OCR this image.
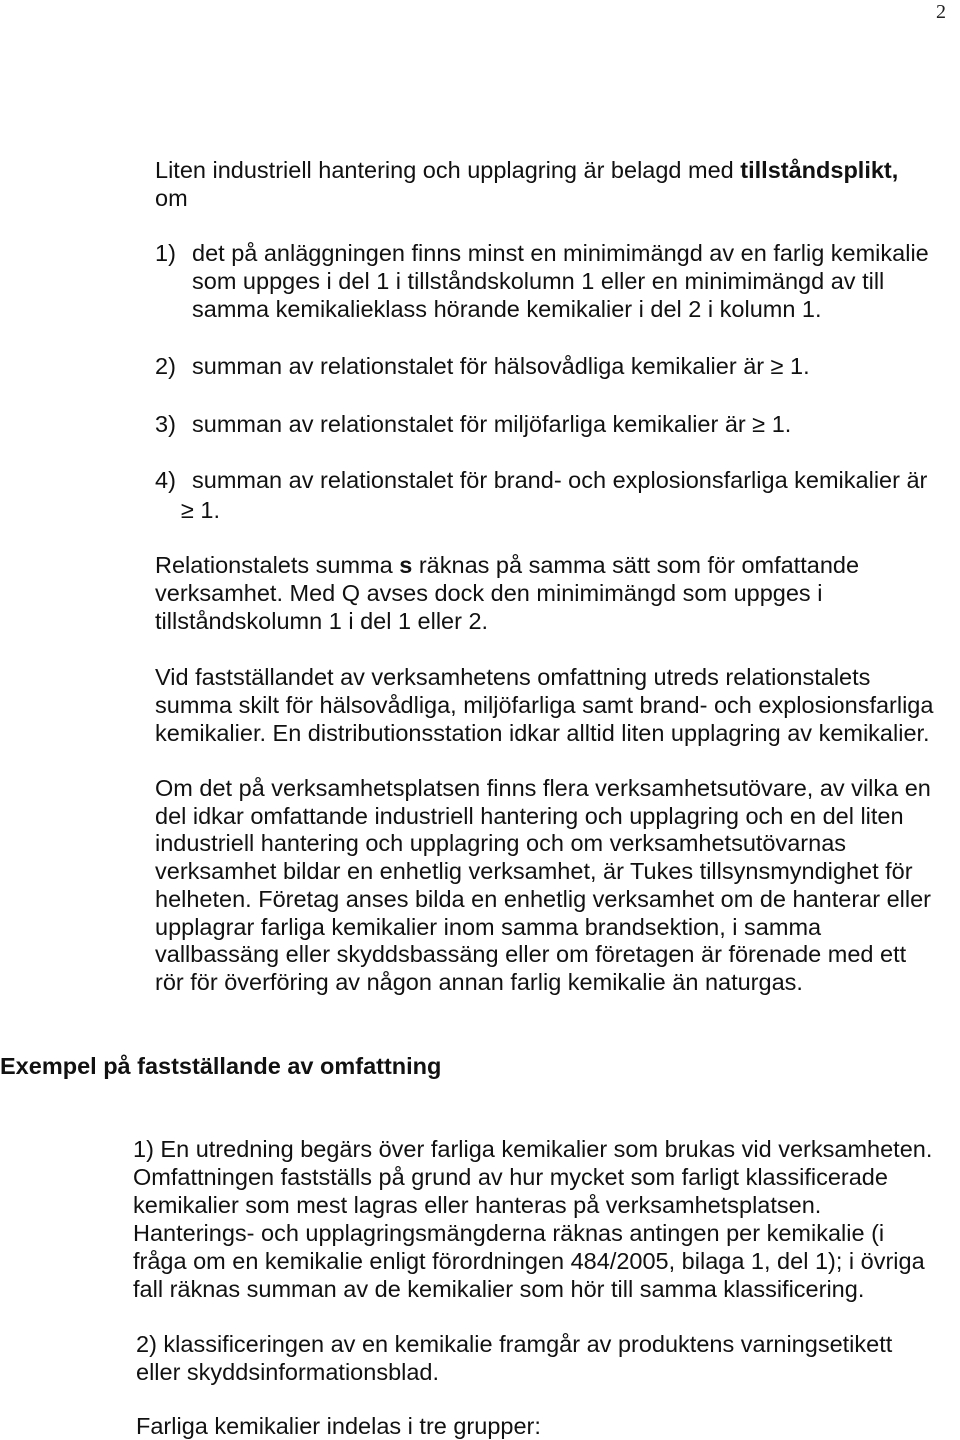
2
Liten industriell hantering och upplagring är belagd med tillståndsplikt,
om
1) det på anläggningen finns minst en minimimängd av en farlig kemikalie
som uppges i del 1 i tillståndskolumn 1 eller en minimimängd av till
samma kemikalieklass hörande kemikalier i del 2 i kolumn 1.
2) summan av relationstalet för hälsovådliga kemikalier är ≥ 1.
3) summan av relationstalet för miljöfarliga kemikalier är ≥ 1.
4) summan av relationstalet för brand- och explosionsfarliga kemikalier är
≥ 1.
Relationstalets summa s räknas på samma sätt som för omfattande
verksamhet. Med Q avses dock den minimimängd som uppges i
tillståndskolumn 1 i del 1 eller 2.
Vid fastställandet av verksamhetens omfattning utreds relationstalets
summa skilt för hälsovådliga, miljöfarliga samt brand- och explosionsfarliga
kemikalier. En distributionsstation idkar alltid liten upplagring av kemikalier.
Om det på verksamhetsplatsen finns flera verksamhetsutövare, av vilka en
del idkar omfattande industriell hantering och upplagring och en del liten
industriell hantering och upplagring och om verksamhetsutövarnas
verksamhet bildar en enhetlig verksamhet, är Tukes tillsynsmyndighet för
helheten. Företag anses bilda en enhetlig verksamhet om de hanterar eller
upplagrar farliga kemikalier inom samma brandsektion, i samma
vallbassäng eller skyddsbassäng eller om företagen är förenade med ett
rör för överföring av någon annan farlig kemikalie än naturgas.
Exempel på fastställande av omfattning
1) En utredning begärs över farliga kemikalier som brukas vid verksamheten.
Omfattningen fastställs på grund av hur mycket som farligt klassificerade
kemikalier som mest lagras eller hanteras på verksamhetsplatsen.
Hanterings- och upplagringsmängderna räknas antingen per kemikalie (i
fråga om en kemikalie enligt förordningen 484/2005, bilaga 1, del 1); i övriga
fall räknas summan av de kemikalier som hör till samma klassificering.
2) klassificeringen av en kemikalie framgår av produktens varningsetikett
eller skyddsinformationsblad.
Farliga kemikalier indelas i tre grupper:
